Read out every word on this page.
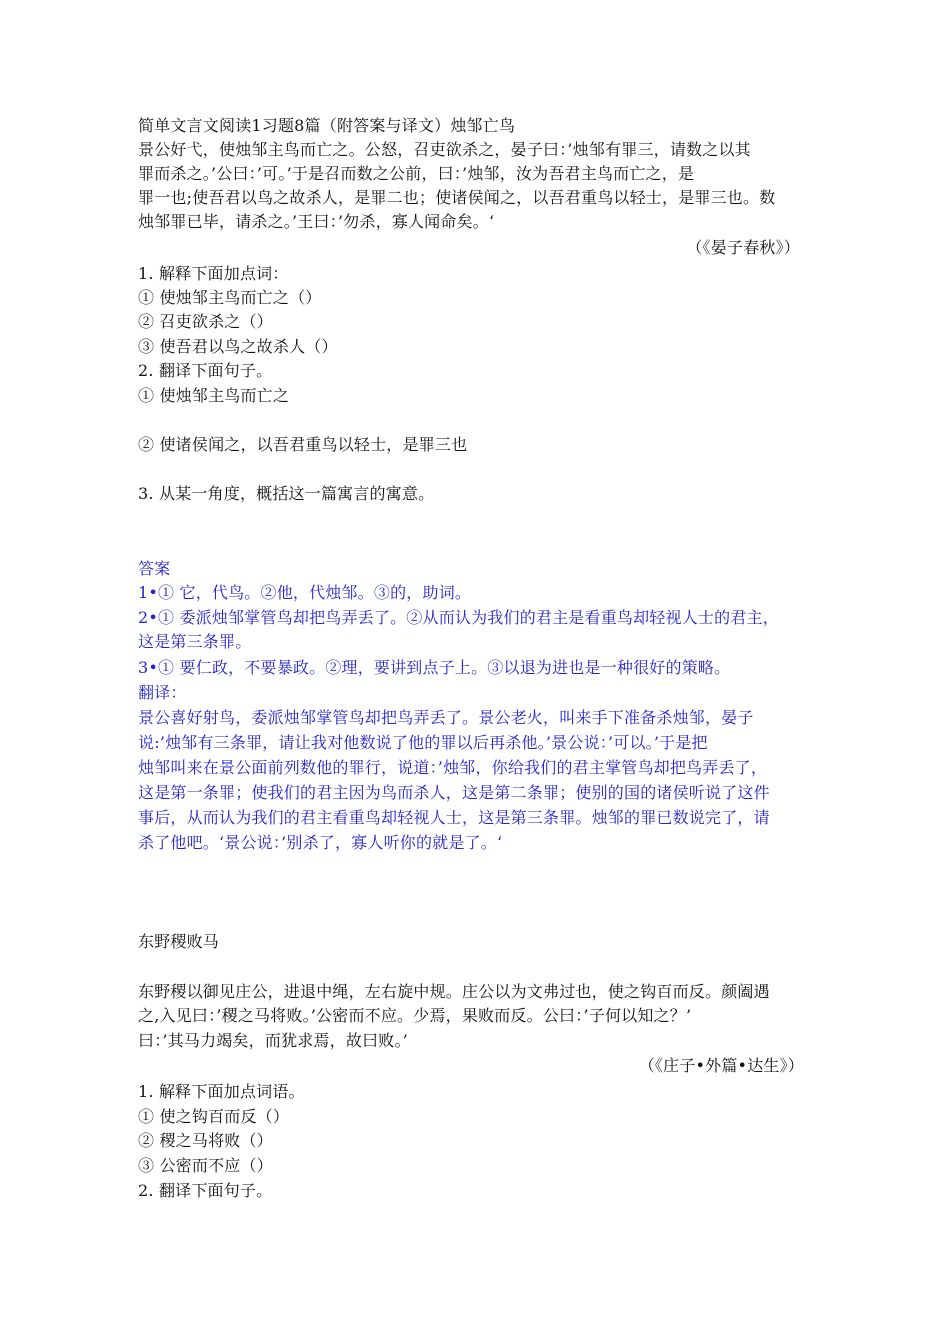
简单文言文阅读1习题8篇（附答案与译文）烛邹亡鸟
景公好弋，使烛邹主鸟而亡之。公怒，召吏欲杀之，晏子曰：’烛邹有罪三，请数之以其
罪而杀之。’公曰：’可。’于是召而数之公前，曰：’烛邹，汝为吾君主鸟而亡之，是
罪一也;使吾君以鸟之故杀人，是罪二也；使诸侯闻之，以吾君重鸟以轻士，是罪三也。数
烛邹罪已毕，请杀之。’王曰：’勿杀，寡人闻命矣。‘
（《晏子春秋》）
1. 解释下面加点词：
① 使烛邹主鸟而亡之（）
② 召吏欲杀之（）
③ 使吾君以鸟之故杀人（）
2. 翻译下面句子。
① 使烛邹主鸟而亡之
② 使诸侯闻之，以吾君重鸟以轻士，是罪三也
3. 从某一角度，概括这一篇寓言的寓意。
答案
1•① 它，代鸟。②他，代烛邹。③的，助词。
2•① 委派烛邹掌管鸟却把鸟弄丢了。②从而认为我们的君主是看重鸟却轻视人士的君主，
这是第三条罪。
3•① 要仁政，不要暴政。②理，要讲到点子上。③以退为进也是一种很好的策略。
翻译：
景公喜好射鸟，委派烛邹掌管鸟却把鸟弄丢了。景公老火，叫来手下准备杀烛邹，晏子
说:’烛邹有三条罪，请让我对他数说了他的罪以后再杀他。’景公说：’可以。’于是把
烛邹叫来在景公面前列数他的罪行，说道：’烛邹，你给我们的君主掌管鸟却把鸟弄丢了，
这是第一条罪；使我们的君主因为鸟而杀人，这是第二条罪；使别的国的诸侯听说了这件
事后，从而认为我们的君主看重鸟却轻视人士，这是第三条罪。烛邹的罪已数说完了，请
杀了他吧。‘景公说：’别杀了，寡人听你的就是了。‘
东野稷败马
东野稷以御见庄公，进退中绳，左右旋中规。庄公以为文弗过也，使之钩百而反。颜阖遇
之,入见曰：’稷之马将败。’公密而不应。少焉，果败而反。公曰：’子何以知之？’
曰：’其马力竭矣，而犹求焉，故曰败。’
（《庄子•外篇•达生》）
1. 解释下面加点词语。
① 使之钩百而反（）
② 稷之马将败（）
③ 公密而不应（）
2. 翻译下面句子。
